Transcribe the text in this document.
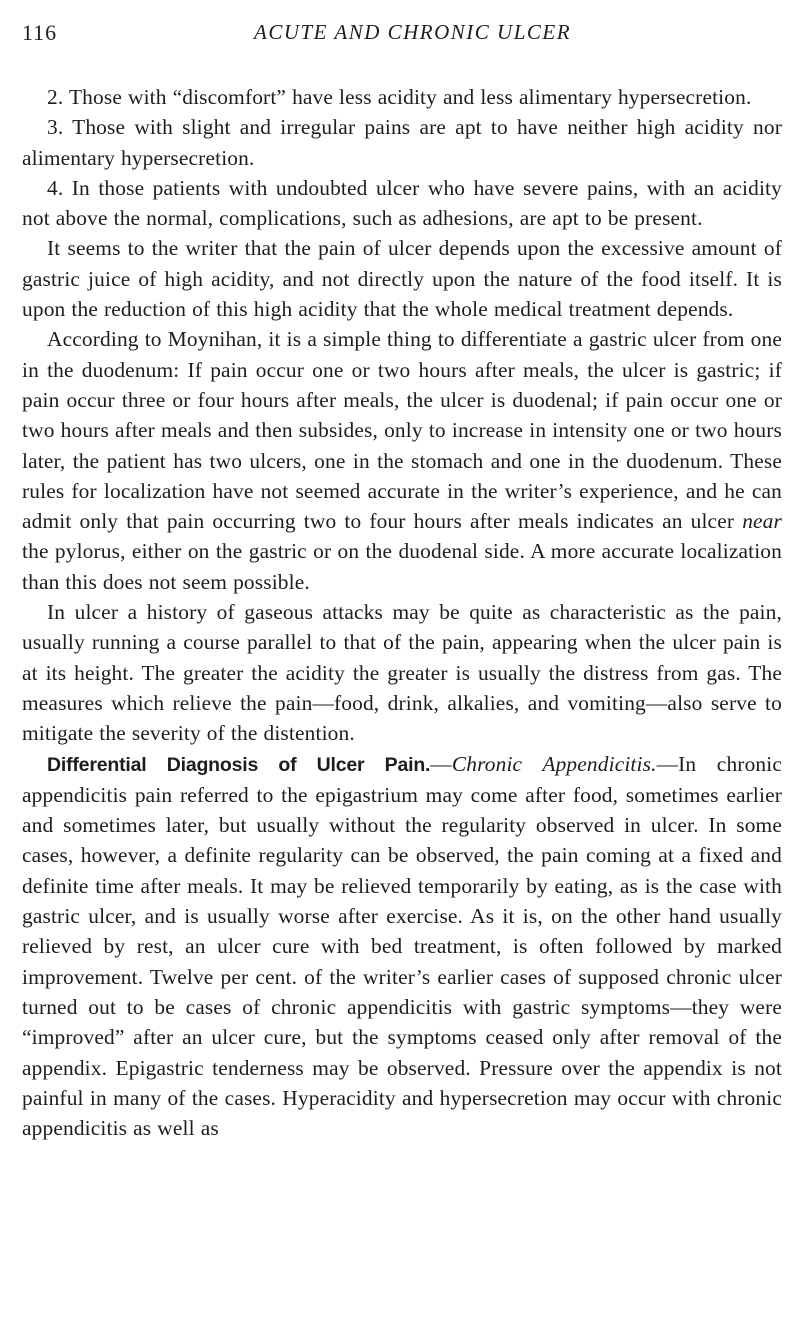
116	ACUTE AND CHRONIC ULCER

2. Those with “discomfort” have less acidity and less alimentary hypersecretion.

3. Those with slight and irregular pains are apt to have neither high acidity nor alimentary hypersecretion.

4. In those patients with undoubted ulcer who have severe pains, with an acidity not above the normal, complications, such as adhesions, are apt to be present.

It seems to the writer that the pain of ulcer depends upon the excessive amount of gastric juice of high acidity, and not directly upon the nature of the food itself. It is upon the reduction of this high acidity that the whole medical treatment depends.

According to Moynihan, it is a simple thing to differentiate a gastric ulcer from one in the duodenum: If pain occur one or two hours after meals, the ulcer is gastric; if pain occur three or four hours after meals, the ulcer is duodenal; if pain occur one or two hours after meals and then subsides, only to increase in intensity one or two hours later, the patient has two ulcers, one in the stomach and one in the duodenum. These rules for localization have not seemed accurate in the writer’s experience, and he can admit only that pain occurring two to four hours after meals indicates an ulcer near the pylorus, either on the gastric or on the duodenal side. A more accurate localization than this does not seem possible.

In ulcer a history of gaseous attacks may be quite as characteristic as the pain, usually running a course parallel to that of the pain, appearing when the ulcer pain is at its height. The greater the acidity the greater is usually the distress from gas. The measures which relieve the pain—food, drink, alkalies, and vomiting—also serve to mitigate the severity of the distention.

Differential Diagnosis of Ulcer Pain.—Chronic Appendicitis.—In chronic appendicitis pain referred to the epigastrium may come after food, sometimes earlier and sometimes later, but usually without the regularity observed in ulcer. In some cases, however, a definite regularity can be observed, the pain coming at a fixed and definite time after meals. It may be relieved temporarily by eating, as is the case with gastric ulcer, and is usually worse after exercise. As it is, on the other hand usually relieved by rest, an ulcer cure with bed treatment, is often followed by marked improvement. Twelve per cent. of the writer’s earlier cases of supposed chronic ulcer turned out to be cases of chronic appendicitis with gastric symptoms—they were “improved” after an ulcer cure, but the symptoms ceased only after removal of the appendix. Epigastric tenderness may be observed. Pressure over the appendix is not painful in many of the cases. Hyperacidity and hypersecretion may occur with chronic appendicitis as well as
